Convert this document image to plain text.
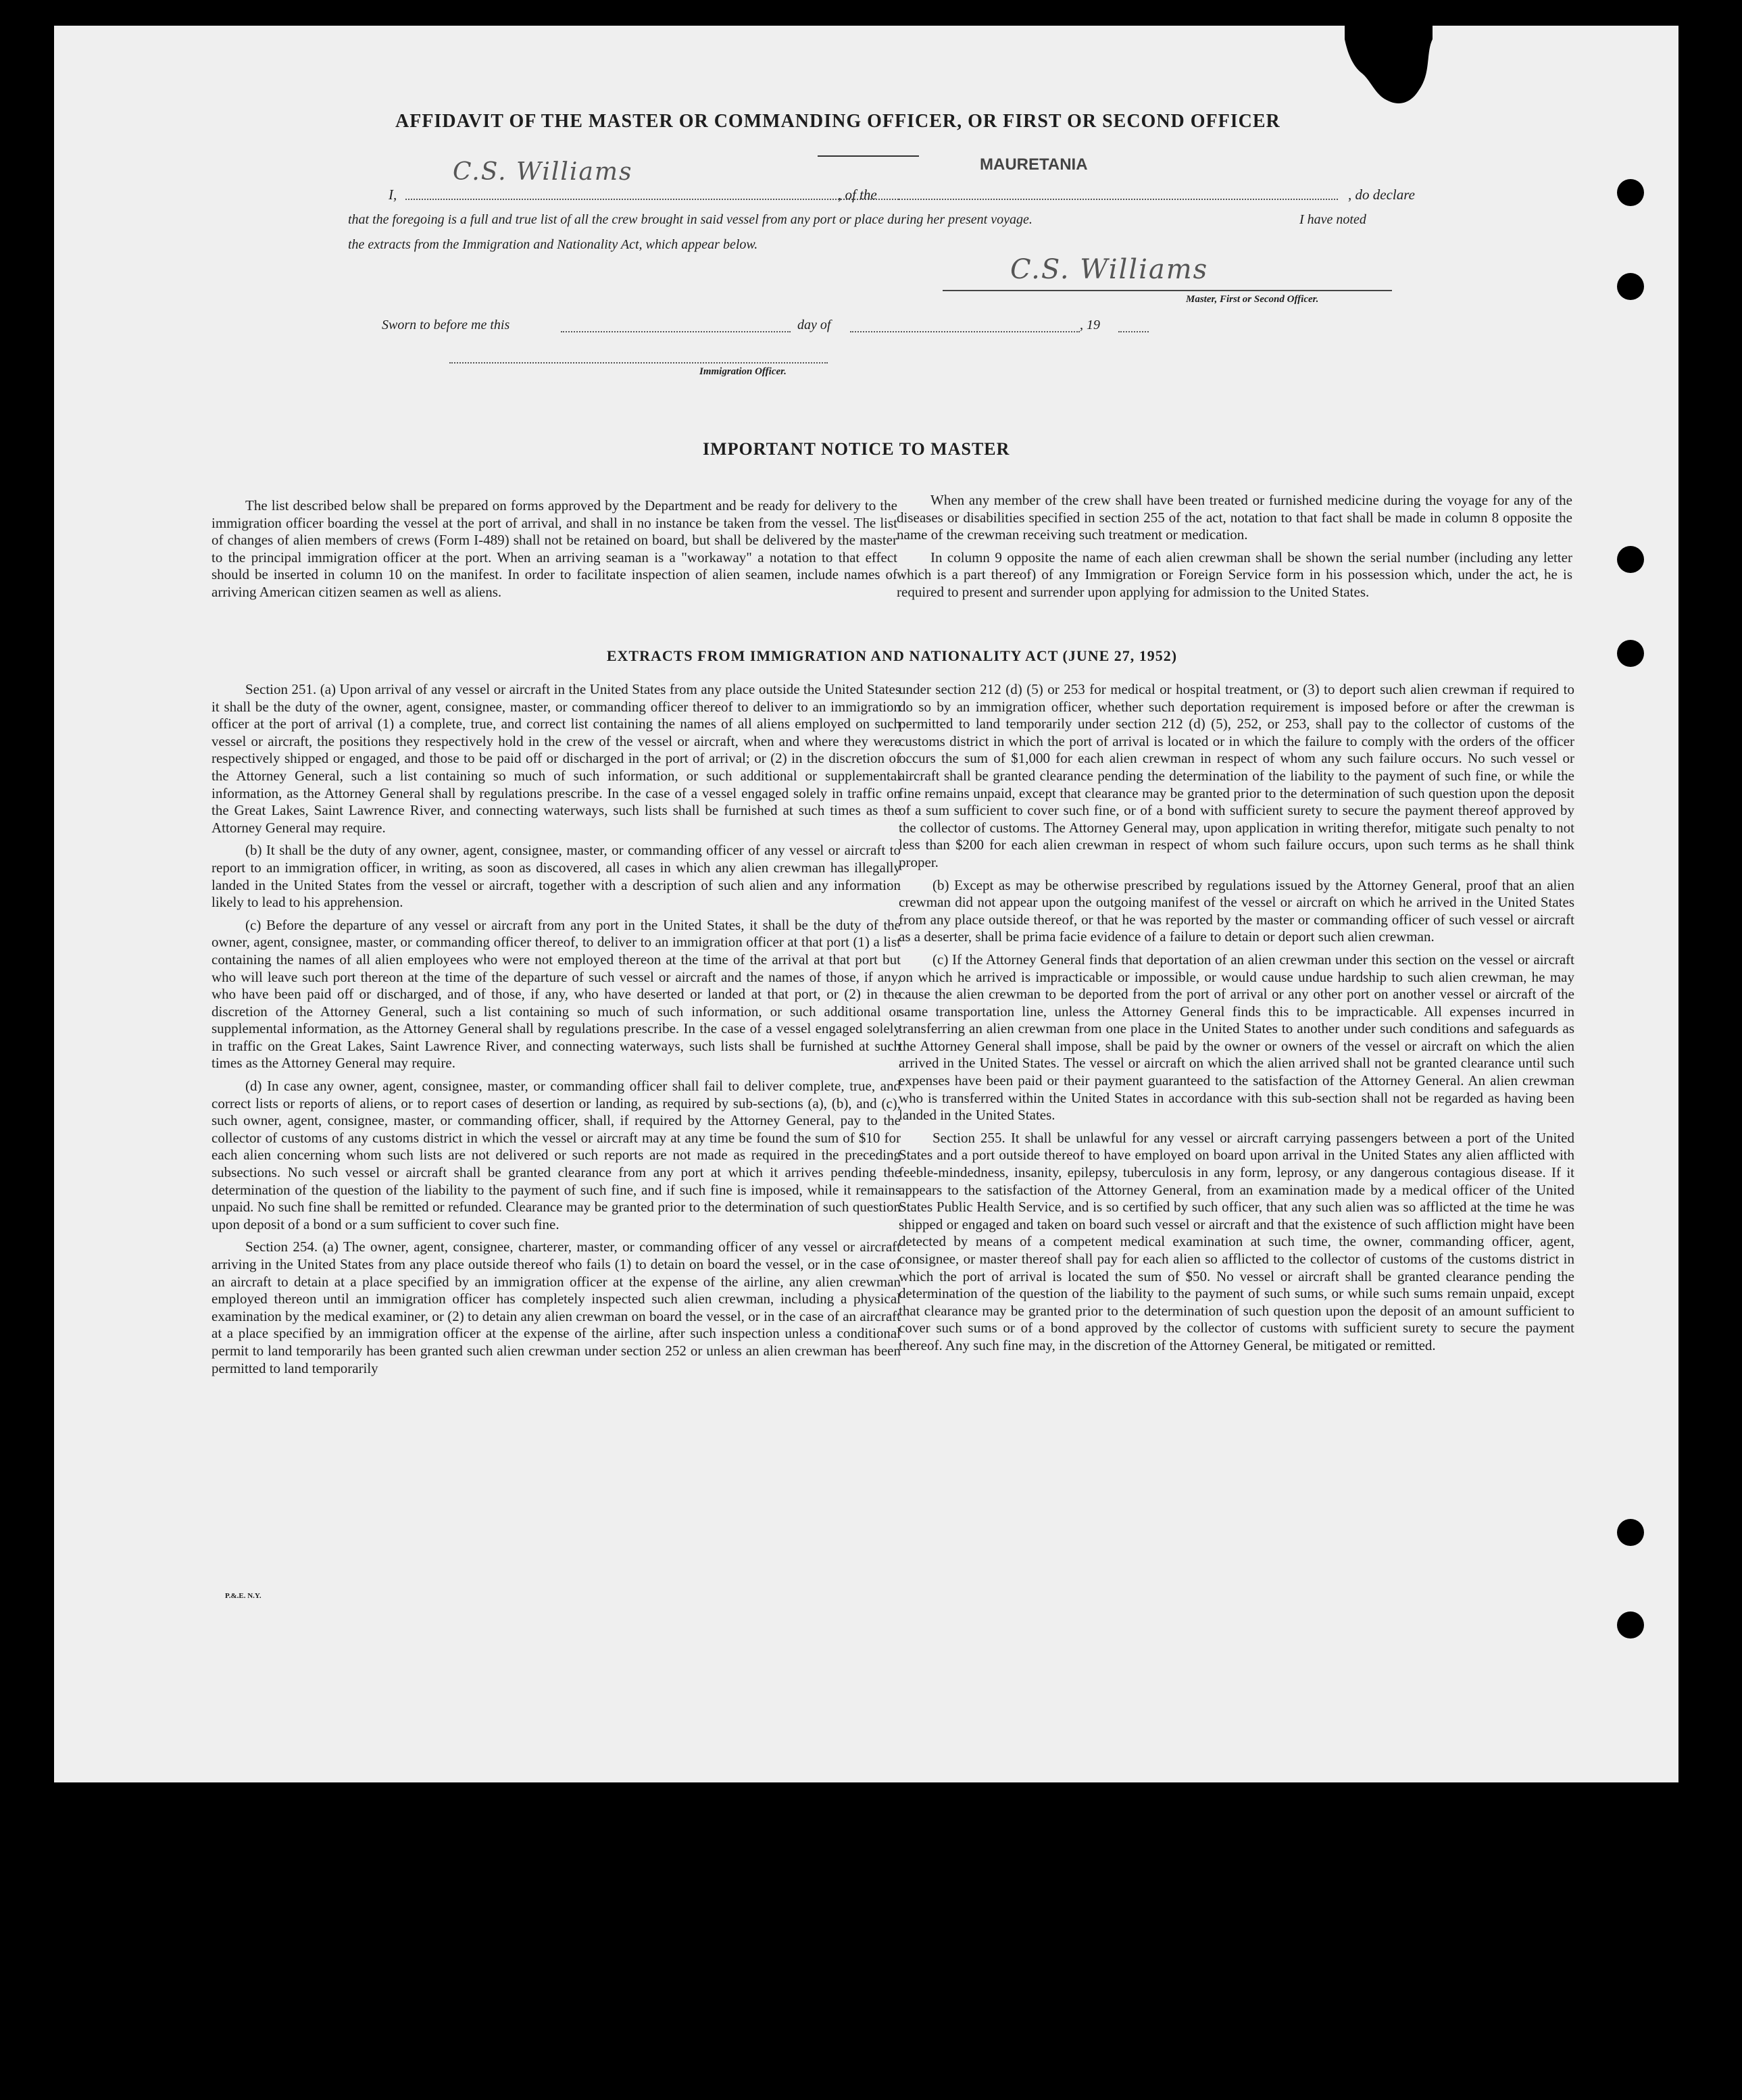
AFFIDAVIT OF THE MASTER OR COMMANDING OFFICER, OR FIRST OR SECOND OFFICER
I,
C.S. Williams
, of the
MAURETANIA
, do declare
that the foregoing is a full and true list of all the crew brought in said vessel from any port or place during her present voyage.	I have noted
the extracts from the Immigration and Nationality Act, which appear below.
C.S. Williams
Master, First or Second Officer.
Sworn to before me this	day of	, 19
Immigration Officer.
IMPORTANT NOTICE TO MASTER

The list described below shall be prepared on forms approved by the Department and be ready for delivery to the immigration officer boarding the vessel at the port of arrival, and shall in no instance be taken from the vessel. The list of changes of alien members of crews (Form I-489) shall not be retained on board, but shall be delivered by the master to the principal immigration officer at the port. When an arriving seaman is a "workaway" a notation to that effect should be inserted in column 10 on the manifest. In order to facilitate inspection of alien seamen, include names of arriving American citizen seamen as well as aliens.

When any member of the crew shall have been treated or furnished medicine during the voyage for any of the diseases or disabilities specified in section 255 of the act, notation to that fact shall be made in column 8 opposite the name of the crewman receiving such treatment or medication.

In column 9 opposite the name of each alien crewman shall be shown the serial number (including any letter which is a part thereof) of any Immigration or Foreign Service form in his possession which, under the act, he is required to present and surrender upon applying for admission to the United States.

EXTRACTS FROM IMMIGRATION AND NATIONALITY ACT (JUNE 27, 1952)

Section 251. (a) Upon arrival of any vessel or aircraft in the United States from any place outside the United States it shall be the duty of the owner, agent, consignee, master, or commanding officer thereof to deliver to an immigration officer at the port of arrival (1) a complete, true, and correct list containing the names of all aliens employed on such vessel or aircraft, the positions they respectively hold in the crew of the vessel or aircraft, when and where they were respectively shipped or engaged, and those to be paid off or discharged in the port of arrival; or (2) in the discretion of the Attorney General, such a list containing so much of such information, or such additional or supplemental information, as the Attorney General shall by regulations prescribe. In the case of a vessel engaged solely in traffic on the Great Lakes, Saint Lawrence River, and connecting waterways, such lists shall be furnished at such times as the Attorney General may require.

(b) It shall be the duty of any owner, agent, consignee, master, or commanding officer of any vessel or aircraft to report to an immigration officer, in writing, as soon as discovered, all cases in which any alien crewman has illegally landed in the United States from the vessel or aircraft, together with a description of such alien and any information likely to lead to his apprehension.

(c) Before the departure of any vessel or aircraft from any port in the United States, it shall be the duty of the owner, agent, consignee, master, or commanding officer thereof, to deliver to an immigration officer at that port (1) a list containing the names of all alien employees who were not employed thereon at the time of the arrival at that port but who will leave such port thereon at the time of the departure of such vessel or aircraft and the names of those, if any, who have been paid off or discharged, and of those, if any, who have deserted or landed at that port, or (2) in the discretion of the Attorney General, such a list containing so much of such information, or such additional or supplemental information, as the Attorney General shall by regulations prescribe. In the case of a vessel engaged solely in traffic on the Great Lakes, Saint Lawrence River, and connecting waterways, such lists shall be furnished at such times as the Attorney General may require.

(d) In case any owner, agent, consignee, master, or commanding officer shall fail to deliver complete, true, and correct lists or reports of aliens, or to report cases of desertion or landing, as required by sub-sections (a), (b), and (c), such owner, agent, consignee, master, or commanding officer, shall, if required by the Attorney General, pay to the collector of customs of any customs district in which the vessel or aircraft may at any time be found the sum of $10 for each alien concerning whom such lists are not delivered or such reports are not made as required in the preceding subsections. No such vessel or aircraft shall be granted clearance from any port at which it arrives pending the determination of the question of the liability to the payment of such fine, and if such fine is imposed, while it remains unpaid. No such fine shall be remitted or refunded. Clearance may be granted prior to the determination of such question upon deposit of a bond or a sum sufficient to cover such fine.

Section 254. (a) The owner, agent, consignee, charterer, master, or commanding officer of any vessel or aircraft arriving in the United States from any place outside thereof who fails (1) to detain on board the vessel, or in the case of an aircraft to detain at a place specified by an immigration officer at the expense of the airline, any alien crewman employed thereon until an immigration officer has completely inspected such alien crewman, including a physical examination by the medical examiner, or (2) to detain any alien crewman on board the vessel, or in the case of an aircraft at a place specified by an immigration officer at the expense of the airline, after such inspection unless a conditional permit to land temporarily has been granted such alien crewman under section 252 or unless an alien crewman has been permitted to land temporarily

under section 212 (d) (5) or 253 for medical or hospital treatment, or (3) to deport such alien crewman if required to do so by an immigration officer, whether such deportation requirement is imposed before or after the crewman is permitted to land temporarily under section 212 (d) (5), 252, or 253, shall pay to the collector of customs of the customs district in which the port of arrival is located or in which the failure to comply with the orders of the officer occurs the sum of $1,000 for each alien crewman in respect of whom any such failure occurs. No such vessel or aircraft shall be granted clearance pending the determination of the liability to the payment of such fine, or while the fine remains unpaid, except that clearance may be granted prior to the determination of such question upon the deposit of a sum sufficient to cover such fine, or of a bond with sufficient surety to secure the payment thereof approved by the collector of customs. The Attorney General may, upon application in writing therefor, mitigate such penalty to not less than $200 for each alien crewman in respect of whom such failure occurs, upon such terms as he shall think proper.

(b) Except as may be otherwise prescribed by regulations issued by the Attorney General, proof that an alien crewman did not appear upon the outgoing manifest of the vessel or aircraft on which he arrived in the United States from any place outside thereof, or that he was reported by the master or commanding officer of such vessel or aircraft as a deserter, shall be prima facie evidence of a failure to detain or deport such alien crewman.

(c) If the Attorney General finds that deportation of an alien crewman under this section on the vessel or aircraft on which he arrived is impracticable or impossible, or would cause undue hardship to such alien crewman, he may cause the alien crewman to be deported from the port of arrival or any other port on another vessel or aircraft of the same transportation line, unless the Attorney General finds this to be impracticable. All expenses incurred in transferring an alien crewman from one place in the United States to another under such conditions and safeguards as the Attorney General shall impose, shall be paid by the owner or owners of the vessel or aircraft on which the alien arrived in the United States. The vessel or aircraft on which the alien arrived shall not be granted clearance until such expenses have been paid or their payment guaranteed to the satisfaction of the Attorney General. An alien crewman who is transferred within the United States in accordance with this sub-section shall not be regarded as having been landed in the United States.

Section 255. It shall be unlawful for any vessel or aircraft carrying passengers between a port of the United States and a port outside thereof to have employed on board upon arrival in the United States any alien afflicted with feeble-mindedness, insanity, epilepsy, tuberculosis in any form, leprosy, or any dangerous contagious disease. If it appears to the satisfaction of the Attorney General, from an examination made by a medical officer of the United States Public Health Service, and is so certified by such officer, that any such alien was so afflicted at the time he was shipped or engaged and taken on board such vessel or aircraft and that the existence of such affliction might have been detected by means of a competent medical examination at such time, the owner, commanding officer, agent, consignee, or master thereof shall pay for each alien so afflicted to the collector of customs of the customs district in which the port of arrival is located the sum of $50. No vessel or aircraft shall be granted clearance pending the determination of the question of the liability to the payment of such sums, or while such sums remain unpaid, except that clearance may be granted prior to the determination of such question upon the deposit of an amount sufficient to cover such sums or of a bond approved by the collector of customs with sufficient surety to secure the payment thereof. Any such fine may, in the discretion of the Attorney General, be mitigated or remitted.

P.&.E. N.Y.
